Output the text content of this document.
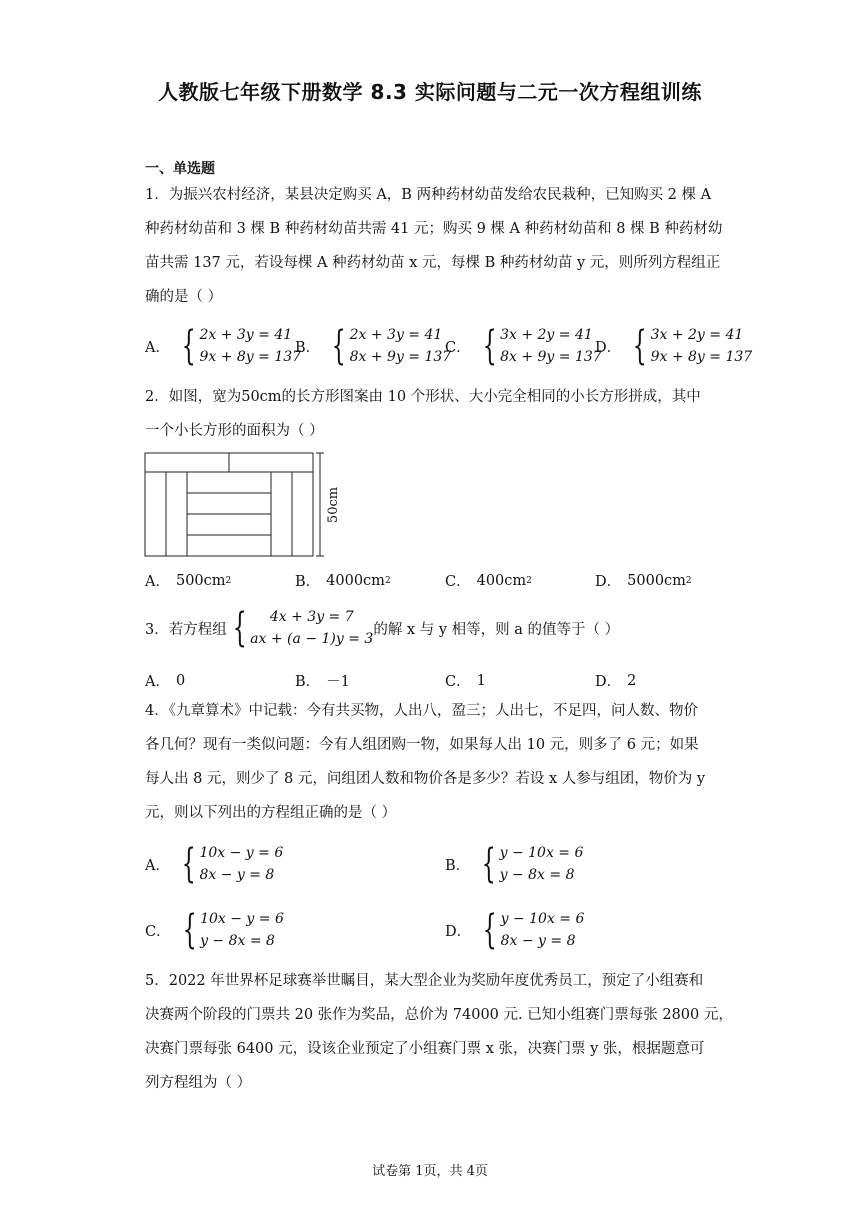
人教版七年级下册数学 8.3 实际问题与二元一次方程组训练
一、单选题
1．为振兴农村经济，某县决定购买 A，B 两种药材幼苗发给农民栽种，已知购买 2 棵 A
种药材幼苗和 3 棵 B 种药材幼苗共需 41 元；购买 9 棵 A 种药材幼苗和 8 棵 B 种药材幼
苗共需 137 元，若设每棵 A 种药材幼苗 x 元，每棵 B 种药材幼苗 y 元，则所列方程组正
确的是（ ）
A． { 2x + 3y = 41
9x + 8y = 137
B． { 2x + 3y = 41
8x + 9y = 137
C． { 3x + 2y = 41
8x + 9y = 137
D． { 3x + 2y = 41
9x + 8y = 137
2．如图，宽为50cm的长方形图案由 10 个形状、大小完全相同的小长方形拼成，其中
一个小长方形的面积为（ ）
50cm
A． 500cm 2	B． 4000cm 2	C． 400cm 2	D． 5000cm 2
3．若方程组 { 4x + 3y = 7
ax + (a − 1)y = 3
的解 x 与 y 相等，则 a 的值等于（ ）
A． 0	B． －1	C． 1	D． 2
4．《九章算术》中记载：今有共买物，人出八，盈三；人出七，不足四，问人数、物价
各几何？现有一类似问题：今有人组团购一物，如果每人出 10 元，则多了 6 元；如果
每人出 8 元，则少了 8 元，问组团人数和物价各是多少？若设 x 人参与组团，物价为 y
元，则以下列出的方程组正确的是（ ）
A． { 10x − y = 6
8x − y = 8
B． { y − 10x = 6
y − 8x = 8
C． { 10x − y = 6
y − 8x = 8
D． { y − 10x = 6
8x − y = 8
5．2022 年世界杯足球赛举世瞩目，某大型企业为奖励年度优秀员工，预定了小组赛和
决赛两个阶段的门票共 20 张作为奖品，总价为 74000 元. 已知小组赛门票每张 2800 元，
决赛门票每张 6400 元，设该企业预定了小组赛门票 x 张，决赛门票 y 张，根据题意可
列方程组为（ ）
试卷第 1页，共 4页
